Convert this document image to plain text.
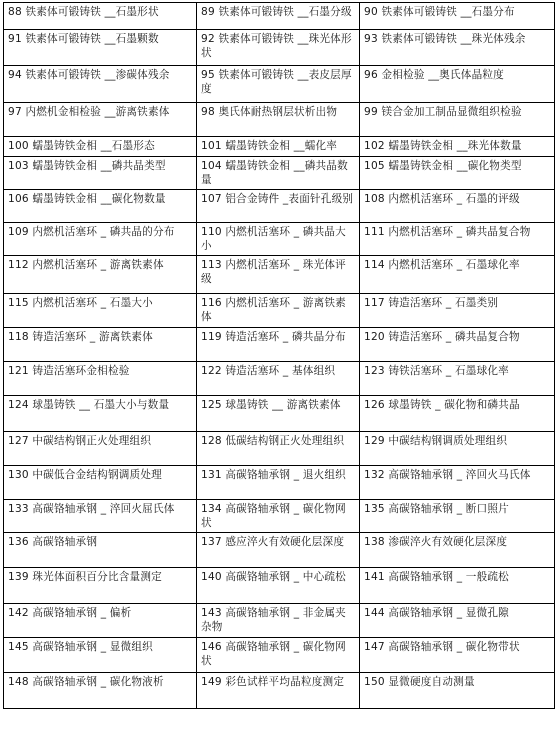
88 铁素体可锻铸铁 __石墨形状	89 铁素体可锻铸铁 __石墨分级	90 铁素体可锻铸铁 __石墨分布
91 铁素体可锻铸铁 __石墨颗数	92 铁素体可锻铸铁 __珠光体形状	93 铁素体可锻铸铁 __珠光体残余
94 铁素体可锻铸铁 __渗碳体残余	95 铁素体可锻铸铁 __表皮层厚度	96 金相检验 __奥氏体晶粒度
97 内燃机金相检验 __游离铁素体	98 奥氏体耐热钢层状析出物	99 镁合金加工制品显微组织检验
100 蠕墨铸铁金相 __石墨形态	101 蠕墨铸铁金相 __蠕化率	102 蠕墨铸铁金相 __珠光体数量
103 蠕墨铸铁金相 __磷共晶类型	104 蠕墨铸铁金相 __磷共晶数量	105 蠕墨铸铁金相 __碳化物类型
106 蠕墨铸铁金相 __碳化物数量	107 铝合金铸件 _表面针孔级别	108 内燃机活塞环 _ 石墨的评级
109 内燃机活塞环 _ 磷共晶的分布	110 内燃机活塞环 _ 磷共晶大小	111 内燃机活塞环 _ 磷共晶复合物
112 内燃机活塞环 _ 游离铁素体	113 内燃机活塞环 _ 珠光体评级	114 内燃机活塞环 _ 石墨球化率
115 内燃机活塞环 _ 石墨大小	116 内燃机活塞环 _ 游离铁素体	117 铸造活塞环 _ 石墨类别
118 铸造活塞环 _ 游离铁素体	119 铸造活塞环 _ 磷共晶分布	120 铸造活塞环 _ 磷共晶复合物
121 铸造活塞环金相检验	122 铸造活塞环 _ 基体组织	123 铸铁活塞环 _ 石墨球化率
124 球墨铸铁 __ 石墨大小与数量	125 球墨铸铁 __ 游离铁素体	126 球墨铸铁 _ 碳化物和磷共晶
127 中碳结构钢正火处理组织	128 低碳结构钢正火处理组织	129 中碳结构钢调质处理组织
130 中碳低合金结构钢调质处理	131 高碳铬轴承钢 _ 退火组织	132 高碳铬轴承钢 _ 淬回火马氏体
133 高碳铬轴承钢 _ 淬回火屈氏体	134 高碳铬轴承钢 _ 碳化物网状	135 高碳铬轴承钢 _ 断口照片
136 高碳铬轴承钢	137 感应淬火有效硬化层深度	138 渗碳淬火有效硬化层深度
139 珠光体面积百分比含量测定	140 高碳铬轴承钢 _ 中心疏松	141 高碳铬轴承钢 _ 一般疏松
142 高碳铬轴承钢 _ 偏析	143 高碳铬轴承钢 _ 非金属夹杂物	144 高碳铬轴承钢 _ 显微孔隙
145 高碳铬轴承钢 _ 显微组织	146 高碳铬轴承钢 _ 碳化物网状	147 高碳铬轴承钢 _ 碳化物带状
148 高碳铬轴承钢 _ 碳化物液析	149 彩色试样平均晶粒度测定	150 显微硬度自动测量
